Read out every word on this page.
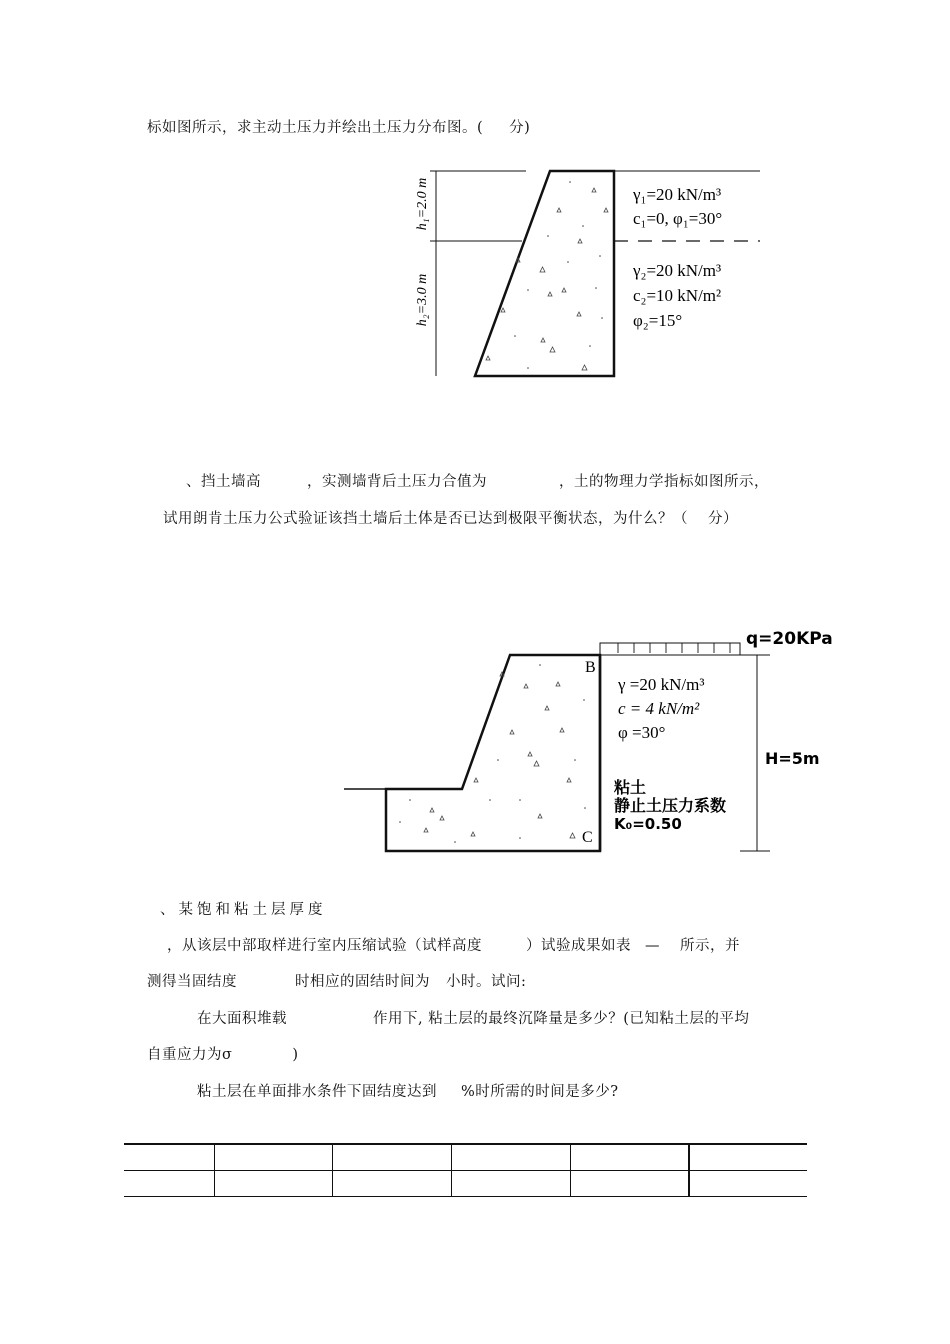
标如图所示，求主动土压力并绘出土压力分布图。( 分)
h₁=2.0 m
h₂=3.0 m
γ₁=20 kN/m³
c₁=0, φ₁=30°
γ₂=20 kN/m³
c₂=10 kN/m²
φ₂=15°
、挡土墙高	，实测墙背后土压力合值为	，土的物理力学指标如图所示，
试用朗肯土压力公式验证该挡土墙后土体是否已达到极限平衡状态，为什么？（ 分）
q=20KPa
B
C
γ =20 kN/m³
c = 4 kN/m²
φ =30°
H=5m
粘土
静止土压力系数
K₀=0.50
、某饱和粘土层厚度
，从该层中部取样进行室内压缩试验（试样高度	）试验成果如表 — 所示，并
测得当固结度	时相应的固结时间为 小时。试问:
在大面积堆载	作用下, 粘土层的最终沉降量是多少？(已知粘土层的平均
自重应力为σ	)
粘土层在单面排水条件下固结度达到 %时所需的时间是多少?
